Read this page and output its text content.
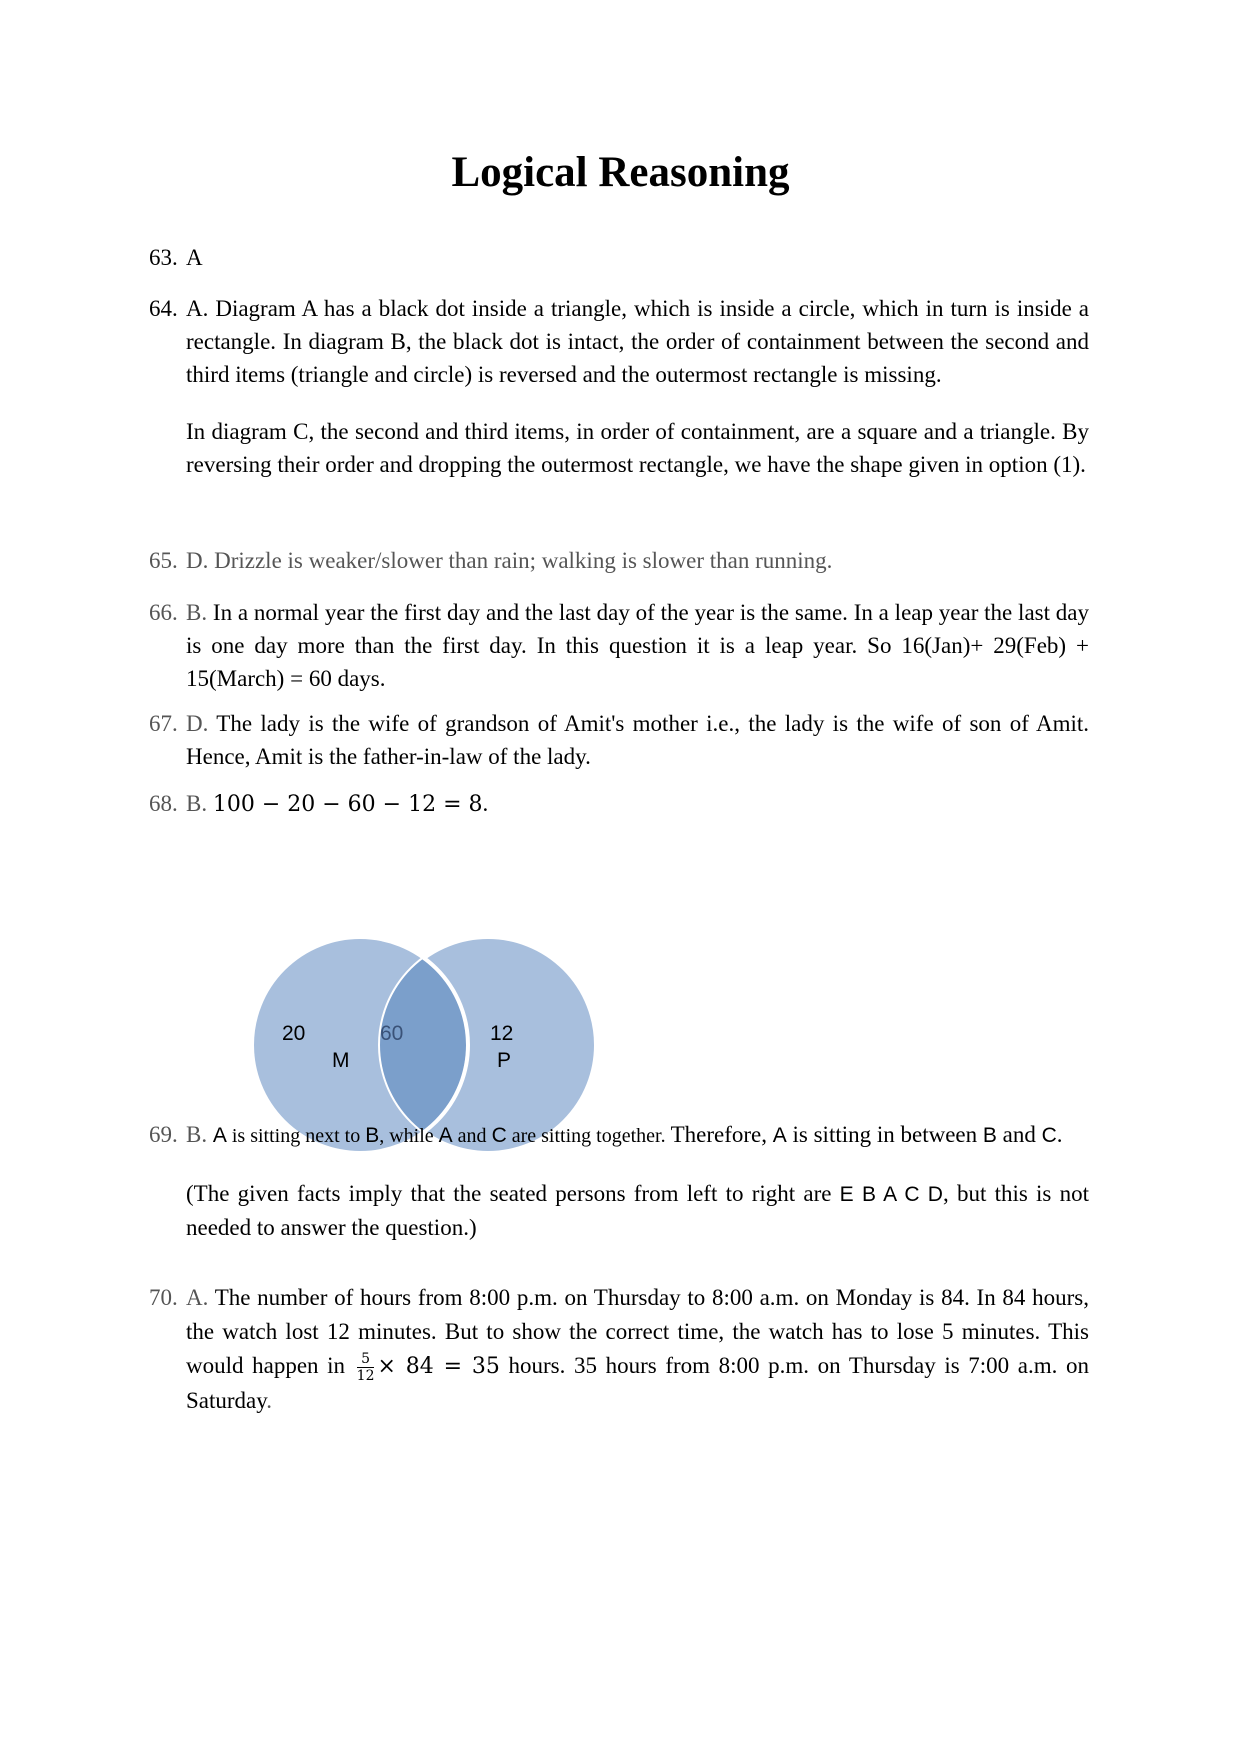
Logical Reasoning
63. A
64. A. Diagram A has a black dot inside a triangle, which is inside a circle, which in turn is inside a rectangle. In diagram B, the black dot is intact, the order of containment between the second and third items (triangle and circle) is reversed and the outermost rectangle is missing.
In diagram C, the second and third items, in order of containment, are a square and a triangle. By reversing their order and dropping the outermost rectangle, we have the shape given in option (1).
65. D. Drizzle is weaker/slower than rain; walking is slower than running.
66. B. In a normal year the first day and the last day of the year is the same. In a leap year the last day is one day more than the first day. In this question it is a leap year. So 16(Jan)+ 29(Feb) + 15(March) = 60 days.
67. D. The lady is the wife of grandson of Amit's mother i.e., the lady is the wife of son of Amit. Hence, Amit is the father-in-law of the lady.
68. B. 100 − 20 − 60 − 12 = 8.
20	60	12
M	P
69. B. A is sitting next to B, while A and C are sitting together. Therefore, A is sitting in between B and C.
(The given facts imply that the seated persons from left to right are E B A C D, but this is not needed to answer the question.)
70. A. The number of hours from 8:00 p.m. on Thursday to 8:00 a.m. on Monday is 84. In 84 hours, the watch lost 12 minutes. But to show the correct time, the watch has to lose 5 minutes. This would happen in $\frac{5}{12} \times 84 = 35$ hours. 35 hours from 8:00 p.m. on Thursday is 7:00 a.m. on Saturday.
